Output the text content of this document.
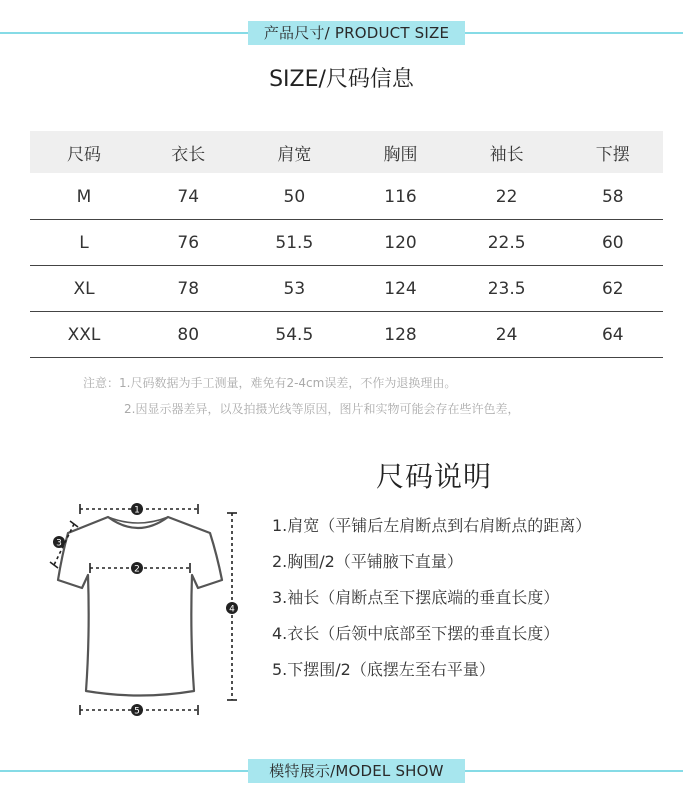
产品尺寸/ PRODUCT SIZE
SIZE/尺码信息
尺码	衣长	肩宽	胸围	袖长	下摆
M	74	50	116	22	58
L	76	51.5	120	22.5	60
XL	78	53	124	23.5	62
XXL	80	54.5	128	24	64
注意：1.尺码数据为手工测量，难免有2-4cm误差，不作为退换理由。
2.因显示器差异，以及拍摄光线等原因，图片和实物可能会存在些许色差，
1
2
3
4
5
尺码说明
1.肩宽（平铺后左肩断点到右肩断点的距离）
2.胸围/2（平铺腋下直量）
3.袖长（肩断点至下摆底端的垂直长度）
4.衣长（后领中底部至下摆的垂直长度）
5.下摆围/2（底摆左至右平量）
模特展示/MODEL SHOW
